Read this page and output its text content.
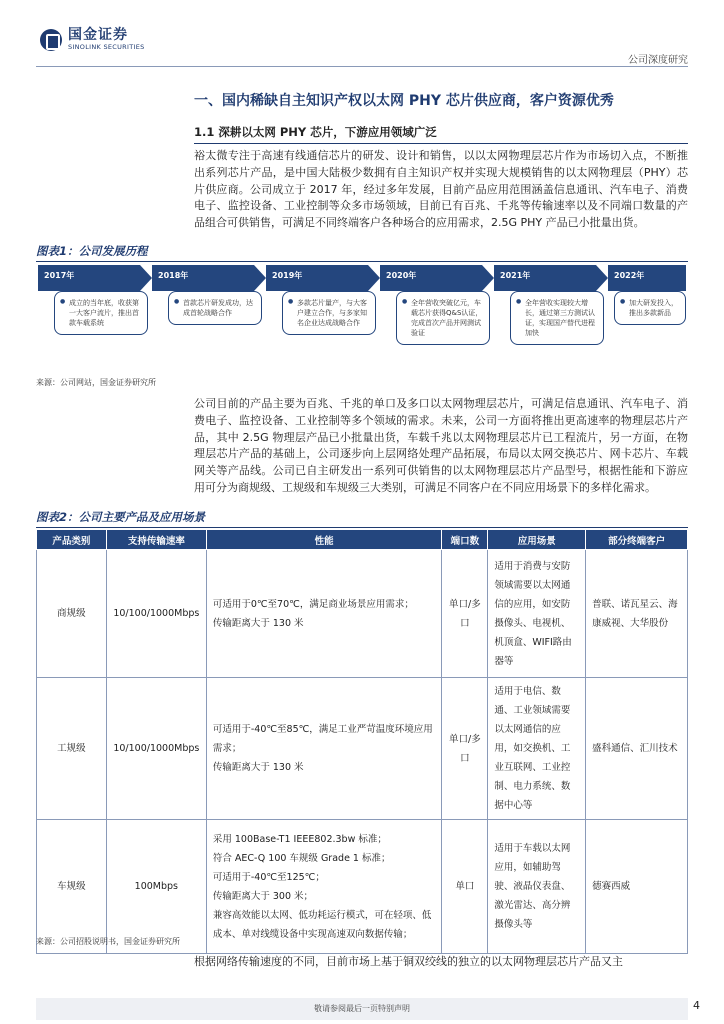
国金证券
SINOLINK SECURITIES
公司深度研究
一、国内稀缺自主知识产权以太网 PHY 芯片供应商，客户资源优秀
1.1 深耕以太网 PHY 芯片，下游应用领域广泛
裕太微专注于高速有线通信芯片的研发、设计和销售，以以太网物理层芯片作为市场切入点，不断推出系列芯片产品，是中国大陆极少数拥有自主知识产权并实现大规模销售的以太网物理层（PHY）芯片供应商。公司成立于 2017 年，经过多年发展，目前产品应用范围涵盖信息通讯、汽车电子、消费电子、监控设备、工业控制等众多市场领域，目前已有百兆、千兆等传输速率以及不同端口数量的产品组合可供销售，可满足不同终端客户各种场合的应用需求，2.5G PHY 产品已小批量出货。
图表1：公司发展历程
2017年	2018年	2019年	2020年	2021年	2022年
● 成立的当年底，收获第一大客户流片，推出首款车载系统
● 首款芯片研发成功，达成首轮战略合作
● 多款芯片量产，与大客户建立合作，与多家知名企业达成战略合作
● 全年营收突破亿元，车载芯片获得Q&S认证，完成首次产品并网测试验证
● 全年营收实现较大增长，通过第三方测试认证，实现国产替代进程加快
● 加大研发投入，推出多款新品
来源：公司网站，国金证券研究所
公司目前的产品主要为百兆、千兆的单口及多口以太网物理层芯片，可满足信息通讯、汽车电子、消费电子、监控设备、工业控制等多个领域的需求。未来，公司一方面将推出更高速率的物理层芯片产品，其中 2.5G 物理层产品已小批量出货，车载千兆以太网物理层芯片已工程流片，另一方面，在物理层芯片产品的基础上，公司逐步向上层网络处理产品拓展，布局以太网交换芯片、网卡芯片、车载网关等产品线。公司已自主研发出一系列可供销售的以太网物理层芯片产品型号，根据性能和下游应用可分为商规级、工规级和车规级三大类别，可满足不同客户在不同应用场景下的多样化需求。
图表2：公司主要产品及应用场景
产品类别	支持传输速率	性能	端口数	应用场景	部分终端客户
商规级	10/100/1000Mbps	可适用于0℃至70℃，满足商业场景应用需求；
传输距离大于 130 米	单口/多口	适用于消费与安防领域需要以太网通信的应用，如安防摄像头、电视机、机顶盒、WIFI路由器等	普联、诺瓦星云、海康威视、大华股份
工规级	10/100/1000Mbps	可适用于-40℃至85℃，满足工业严苛温度环境应用需求；
传输距离大于 130 米	单口/多口	适用于电信、数通、工业领域需要以太网通信的应用，如交换机、工业互联网、工业控制、电力系统、数据中心等	盛科通信、汇川技术
车规级	100Mbps	采用 100Base-T1 IEEE802.3bw 标准；
符合 AEC-Q 100 车规级 Grade 1 标准；
可适用于-40℃至125℃；
传输距离大于 300 米；
兼容高效能以太网、低功耗运行模式，可在轻项、低成本、单对线缆设备中实现高速双向数据传输；	单口	适用于车载以太网应用，如辅助驾驶、液晶仪表盘、激光雷达、高分辨摄像头等	德赛西威
来源：公司招股说明书，国金证券研究所
根据网络传输速度的不同，目前市场上基于铜双绞线的独立的以太网物理层芯片产品又主
敬请参阅最后一页特别声明	4
